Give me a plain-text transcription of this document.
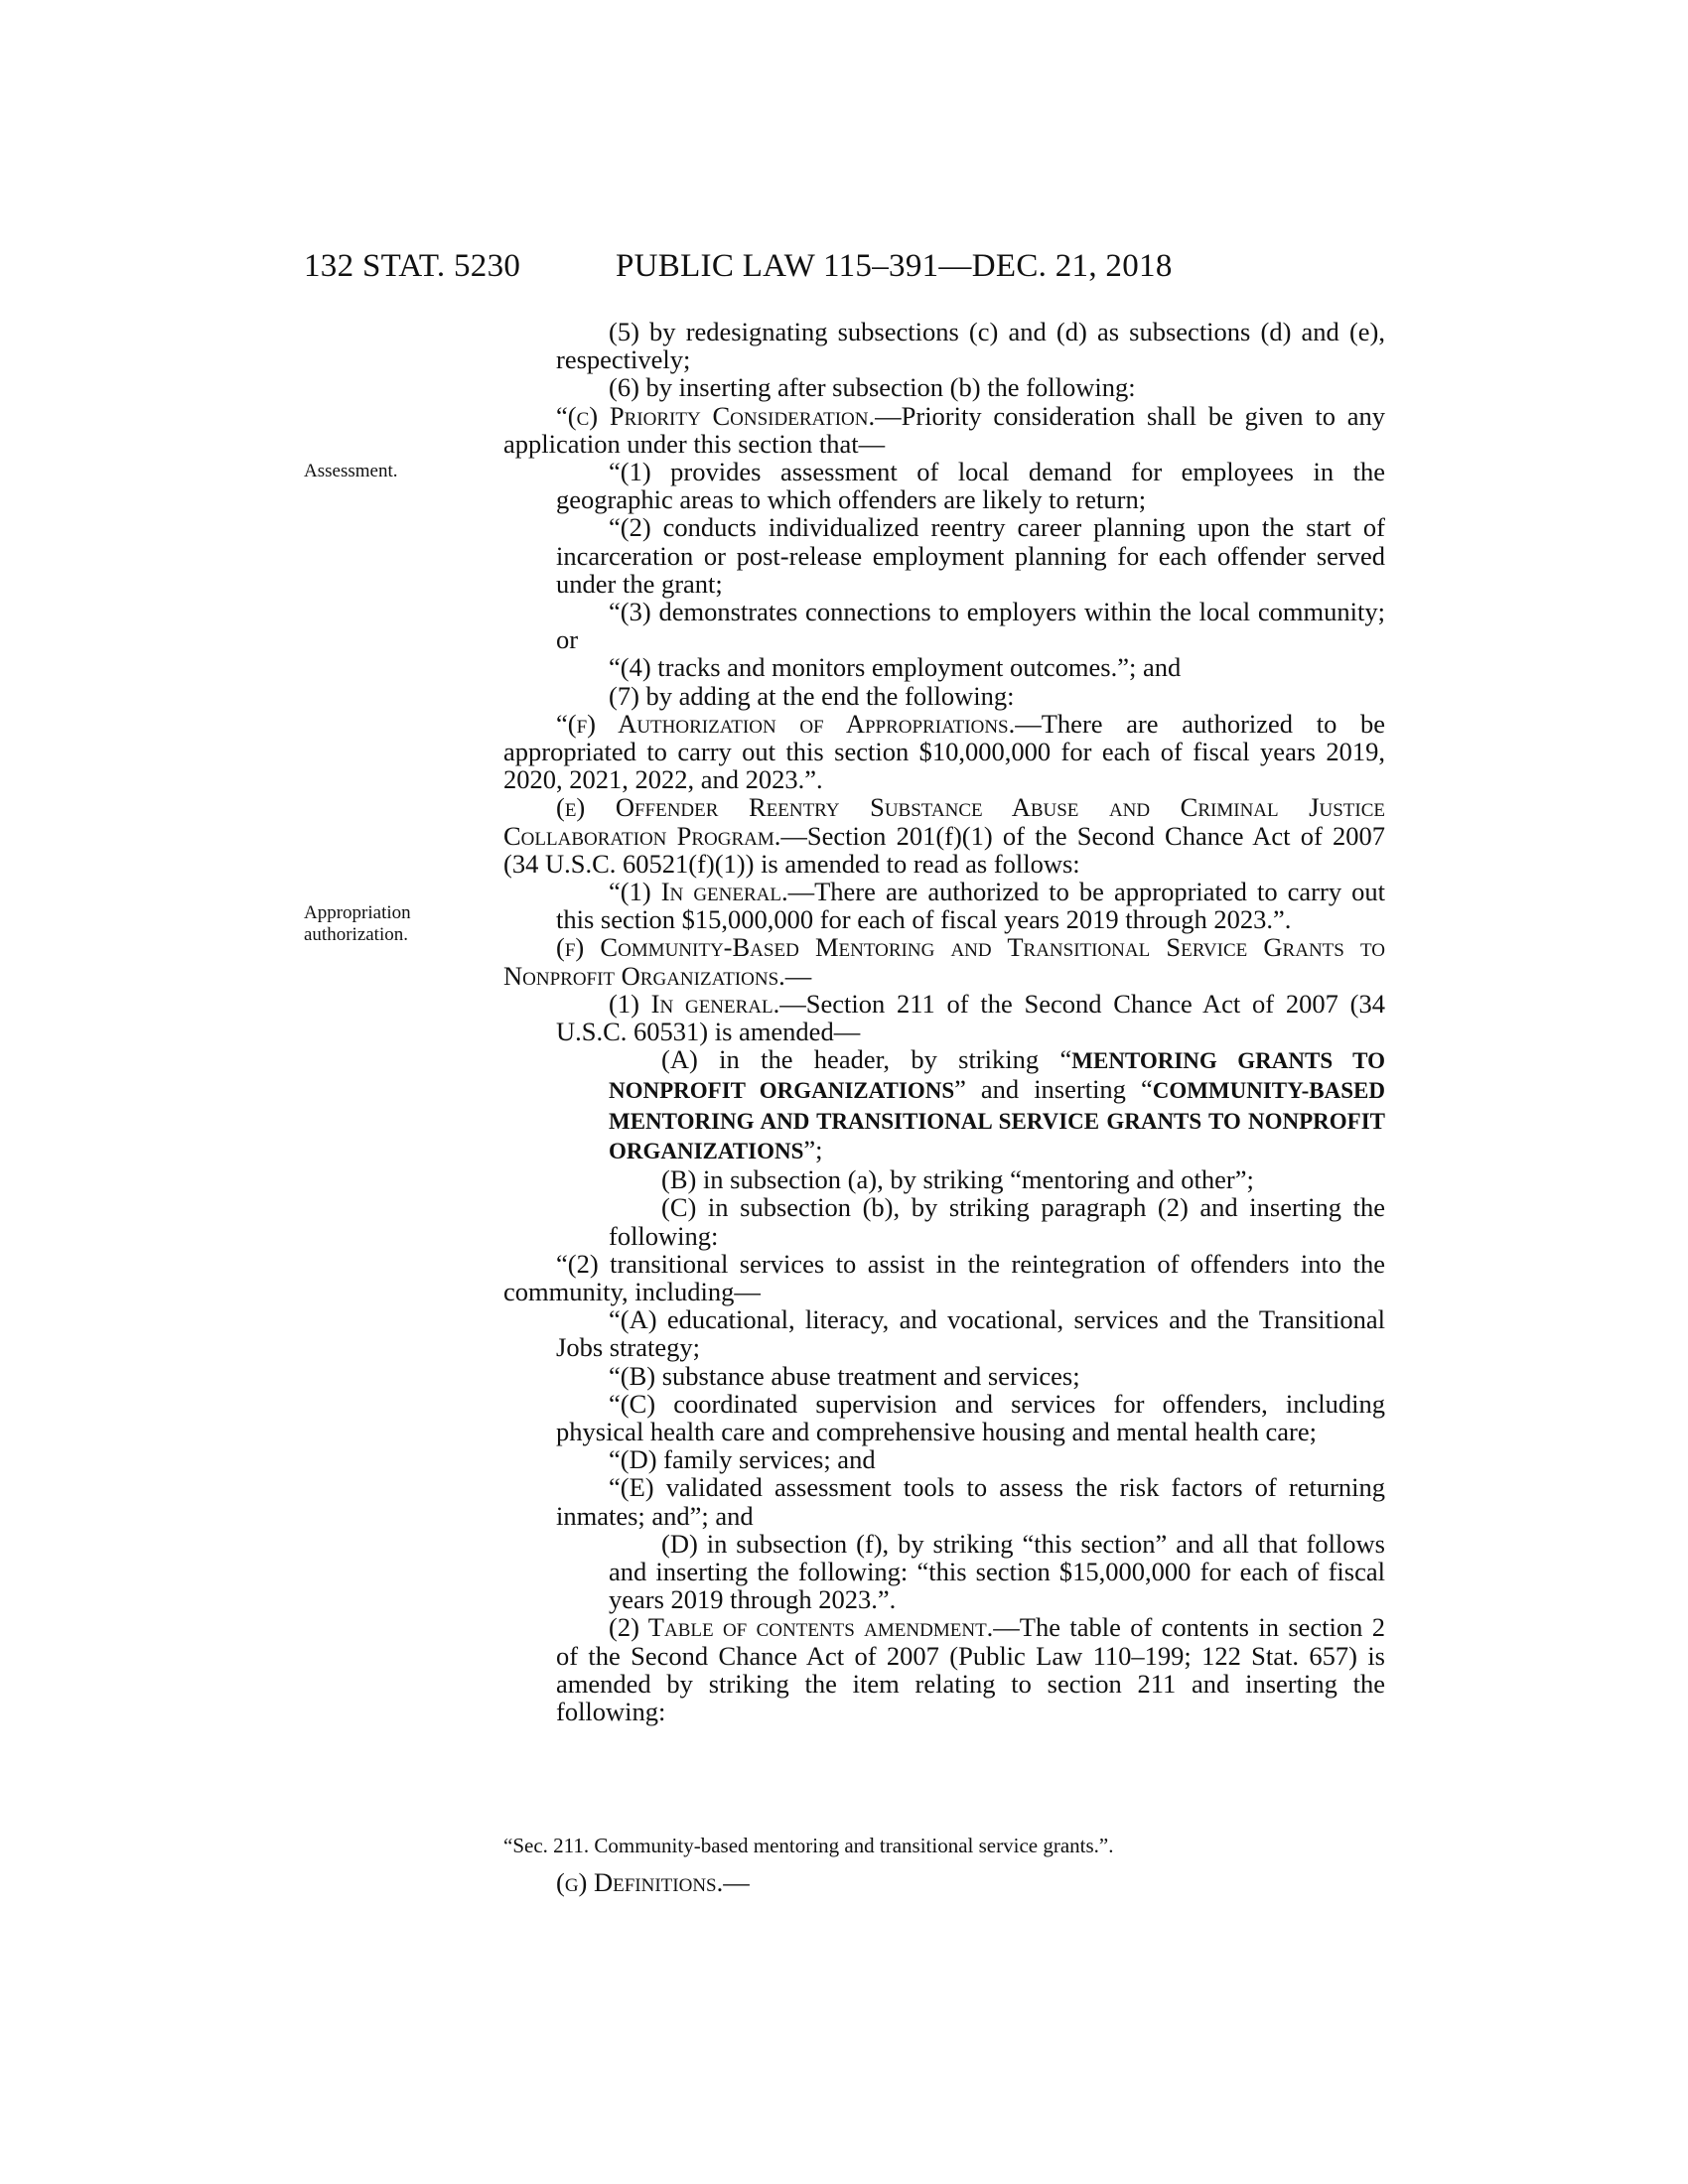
132 STAT. 5230	PUBLIC LAW 115–391—DEC. 21, 2018
Assessment.
Appropriation
authorization.

(5) by redesignating subsections (c) and (d) as subsections (d) and (e), respectively;

(6) by inserting after subsection (b) the following:

“(c) Priority Consideration.—Priority consideration shall be given to any application under this section that—

“(1) provides assessment of local demand for employees in the geographic areas to which offenders are likely to return;

“(2) conducts individualized reentry career planning upon the start of incarceration or post-release employment planning for each offender served under the grant;

“(3) demonstrates connections to employers within the local community; or

“(4) tracks and monitors employment outcomes.”; and

(7) by adding at the end the following:

“(f) Authorization of Appropriations.—There are authorized to be appropriated to carry out this section $10,000,000 for each of fiscal years 2019, 2020, 2021, 2022, and 2023.”.

(e) Offender Reentry Substance Abuse and Criminal Justice Collaboration Program.—Section 201(f)(1) of the Second Chance Act of 2007 (34 U.S.C. 60521(f)(1)) is amended to read as follows:

“(1) In general.—There are authorized to be appropriated to carry out this section $15,000,000 for each of fiscal years 2019 through 2023.”.

(f) Community-Based Mentoring and Transitional Service Grants to Nonprofit Organizations.—

(1) In general.—Section 211 of the Second Chance Act of 2007 (34 U.S.C. 60531) is amended—

(A) in the header, by striking “MENTORING GRANTS TO NONPROFIT ORGANIZATIONS” and inserting “COMMUNITY-BASED MENTORING AND TRANSITIONAL SERVICE GRANTS TO NONPROFIT ORGANIZATIONS”;

(B) in subsection (a), by striking “mentoring and other”;

(C) in subsection (b), by striking paragraph (2) and inserting the following:

“(2) transitional services to assist in the reintegration of offenders into the community, including—

“(A) educational, literacy, and vocational, services and the Transitional Jobs strategy;

“(B) substance abuse treatment and services;

“(C) coordinated supervision and services for offenders, including physical health care and comprehensive housing and mental health care;

“(D) family services; and

“(E) validated assessment tools to assess the risk factors of returning inmates; and”; and

(D) in subsection (f), by striking “this section” and all that follows and inserting the following: “this section $15,000,000 for each of fiscal years 2019 through 2023.”.

(2) Table of contents amendment.—The table of contents in section 2 of the Second Chance Act of 2007 (Public Law 110–199; 122 Stat. 657) is amended by striking the item relating to section 211 and inserting the following:

“Sec. 211. Community-based mentoring and transitional service grants.”.
(g) Definitions.—
